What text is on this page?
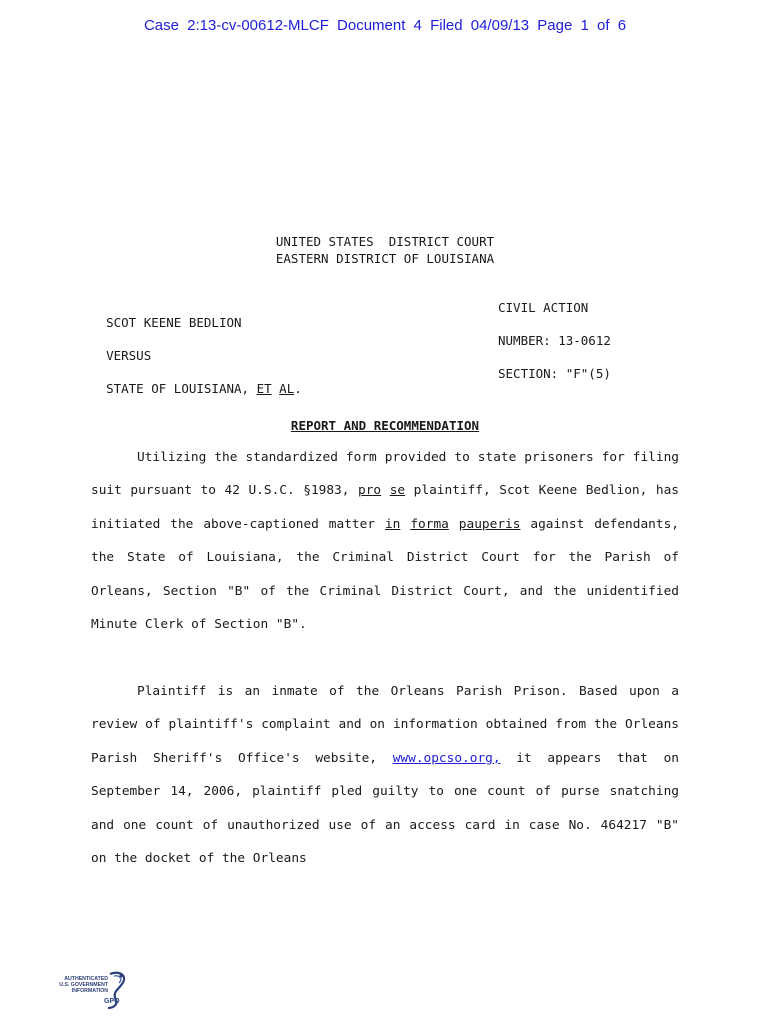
Case 2:13-cv-00612-MLCF Document 4 Filed 04/09/13 Page 1 of 6
UNITED STATES  DISTRICT COURT
EASTERN DISTRICT OF LOUISIANA

SCOT KEENE BEDLION

CIVIL ACTION

VERSUS

NUMBER: 13-0612

STATE OF LOUISIANA, ET AL.

SECTION: "F"(5)

REPORT AND RECOMMENDATION

Utilizing the standardized form provided to state prisoners for filing suit pursuant to 42 U.S.C. §1983, pro se plaintiff, Scot Keene Bedlion, has initiated the above-captioned matter in forma pauperis against defendants, the State of Louisiana, the Criminal District Court for the Parish of Orleans, Section "B" of the Criminal District Court, and the unidentified Minute Clerk of Section "B".

Plaintiff is an inmate of the Orleans Parish Prison. Based upon a review of plaintiff's complaint and on information obtained from the Orleans Parish Sheriff's Office's website, www.opcso.org, it appears that on September 14, 2006, plaintiff pled guilty to one count of purse snatching and one count of unauthorized use of an access card in case No. 464217 "B" on the docket of the Orleans

AUTHENTICATED
U.S. GOVERNMENT
INFORMATION
GPO
